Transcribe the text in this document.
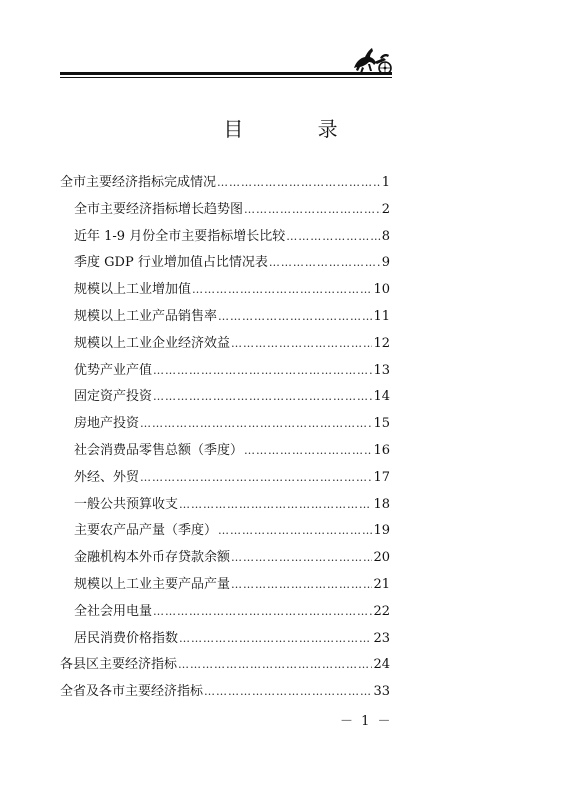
目 录
全市主要经济指标完成情况 ……………………………………………………………………………………………………………………	1
全市主要经济指标增长趋势图 ……………………………………………………………………………………………………………………	2
近年 1-9 月份全市主要指标增长比较 ……………………………………………………………………………………………………………………	8
季度 GDP 行业增加值占比情况表 ……………………………………………………………………………………………………………………	9
规模以上工业增加值 ……………………………………………………………………………………………………………………	10
规模以上工业产品销售率 ……………………………………………………………………………………………………………………	11
规模以上工业企业经济效益 ……………………………………………………………………………………………………………………	12
优势产业产值 ……………………………………………………………………………………………………………………	13
固定资产投资 ……………………………………………………………………………………………………………………	14
房地产投资 ……………………………………………………………………………………………………………………	15
社会消费品零售总额（季度） ……………………………………………………………………………………………………………………	16
外经、外贸 ……………………………………………………………………………………………………………………	17
一般公共预算收支 ……………………………………………………………………………………………………………………	18
主要农产品产量（季度） ……………………………………………………………………………………………………………………	19
金融机构本外币存贷款余额 ……………………………………………………………………………………………………………………	20
规模以上工业主要产品产量 ……………………………………………………………………………………………………………………	21
全社会用电量 ……………………………………………………………………………………………………………………	22
居民消费价格指数 ……………………………………………………………………………………………………………………	23
各县区主要经济指标 ……………………………………………………………………………………………………………………	24
全省及各市主要经济指标 ……………………………………………………………………………………………………………………	33
－ 1 －
